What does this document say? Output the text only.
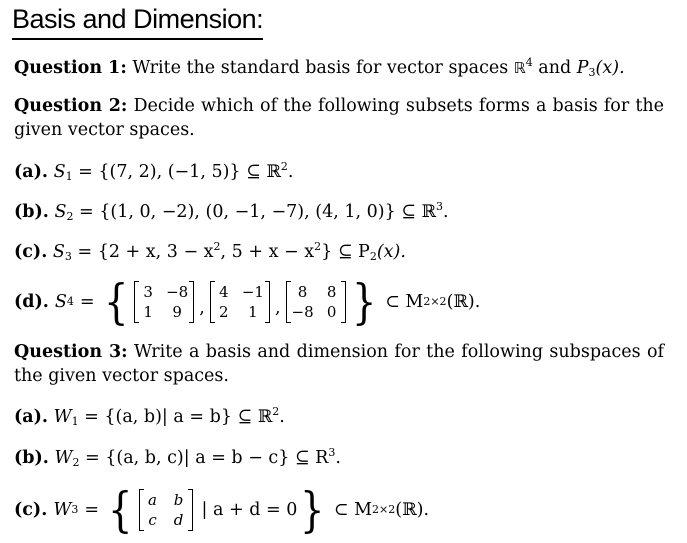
Basis and Dimension:
Question 1: Write the standard basis for vector spaces ℝ$^4$ and $P_3(x)$.
Question 2: Decide which of the following subsets forms a basis for the given vector spaces.
(a). $S_1 = \{(7$, 2), (−1, 5)} ⊆ ℝ$^2$.
(b). $S_2 = \{(1$, 0, −2), (0, −1, −7), (4, 1, 0)} ⊆ ℝ$^3$.
(c). $S_3 = \{2 + x$, $3 - x^2$, $5 + x - x^2$} ⊆ $P_2(x)$.
(d). S 4 = { 3 −8
1	9 ,
4 −1
2	1 ,
8	8
−8 0 } ⊂ M 2×2 (ℝ).
Question 3: Write a basis and dimension for the following subspaces of the given vector spaces.
(a). $W_1 = \{(a$, b)| a = b} ⊆ ℝ$^2$.
(b). $W_2 = \{(a$, b, c)| a = b − c} ⊆ $R^3$.
(c). W 3 = { a b
c d | a + d = 0 } ⊂ M 2×2 (ℝ).
